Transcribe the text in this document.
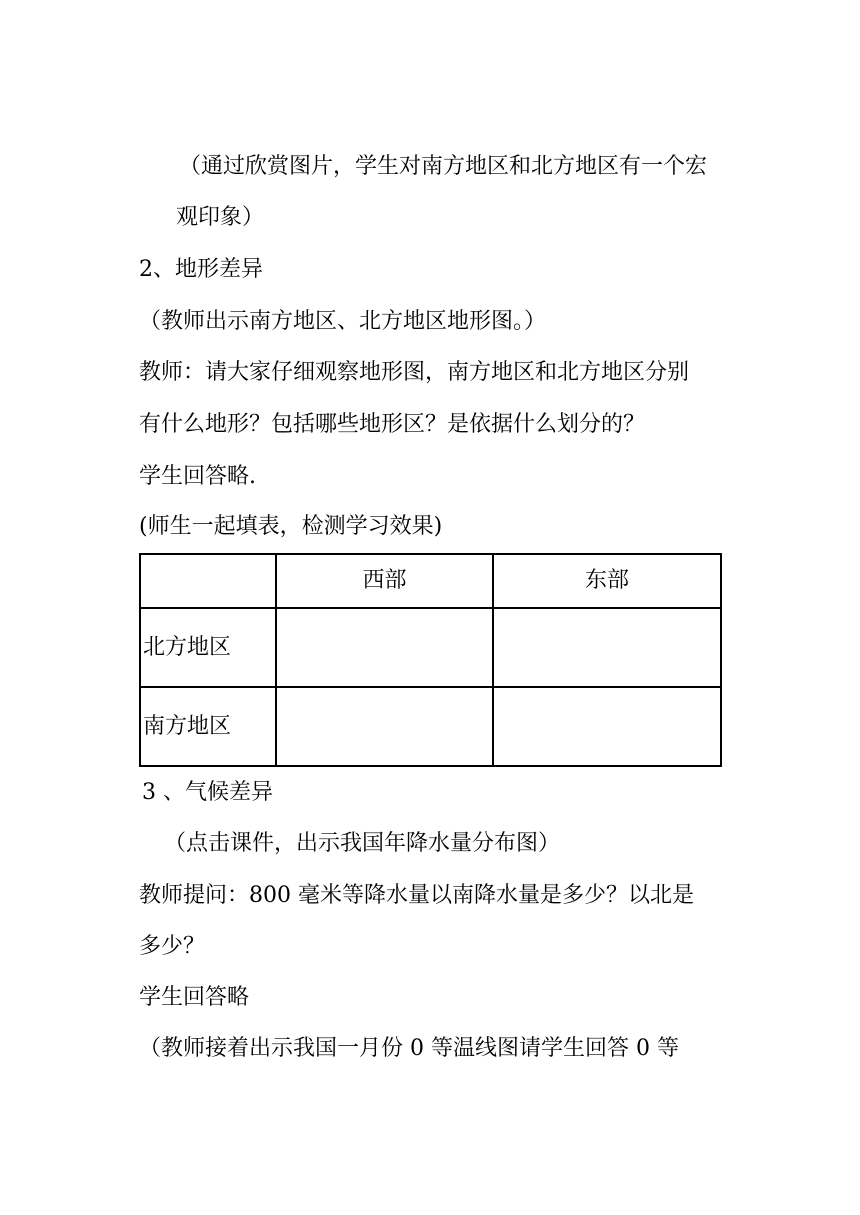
（通过欣赏图片，学生对南方地区和北方地区有一个宏
观印象）
2、地形差异
（教师出示南方地区、北方地区地形图。）
教师：请大家仔细观察地形图，南方地区和北方地区分别
有什么地形？包括哪些地形区？是依据什么划分的？
学生回答略.
(师生一起填表，检测学习效果)
	西部	东部
北方地区		
南方地区		
3 、气候差异
（点击课件，出示我国年降水量分布图）
教师提问：800 毫米等降水量以南降水量是多少？以北是
多少？
学生回答略
（教师接着出示我国一月份 0 等温线图请学生回答 0 等
